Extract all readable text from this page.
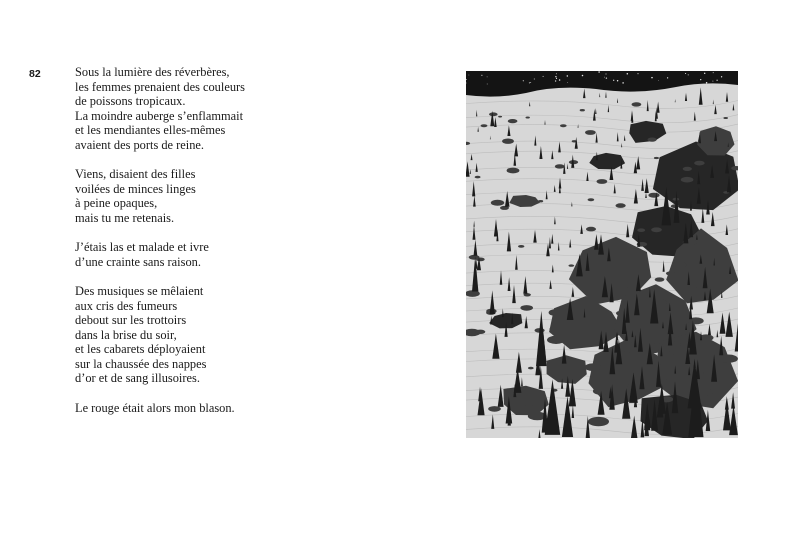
82	Sous la lumière des réverbères,
les femmes prenaient des couleurs
de poissons tropicaux.
La moindre auberge s’enflammait
et les mendiantes elles-mêmes
avaient des ports de reine.

Viens, disaient des filles
voilées de minces linges
à peine opaques,
mais tu me retenais.

J’étais las et malade et ivre
d’une crainte sans raison.

Des musiques se mêlaient
aux cris des fumeurs
debout sur les trottoirs
dans la brise du soir,
et les cabarets déployaient
sur la chaussée des nappes
d’or et de sang illusoires.

Le rouge était alors mon blason.
